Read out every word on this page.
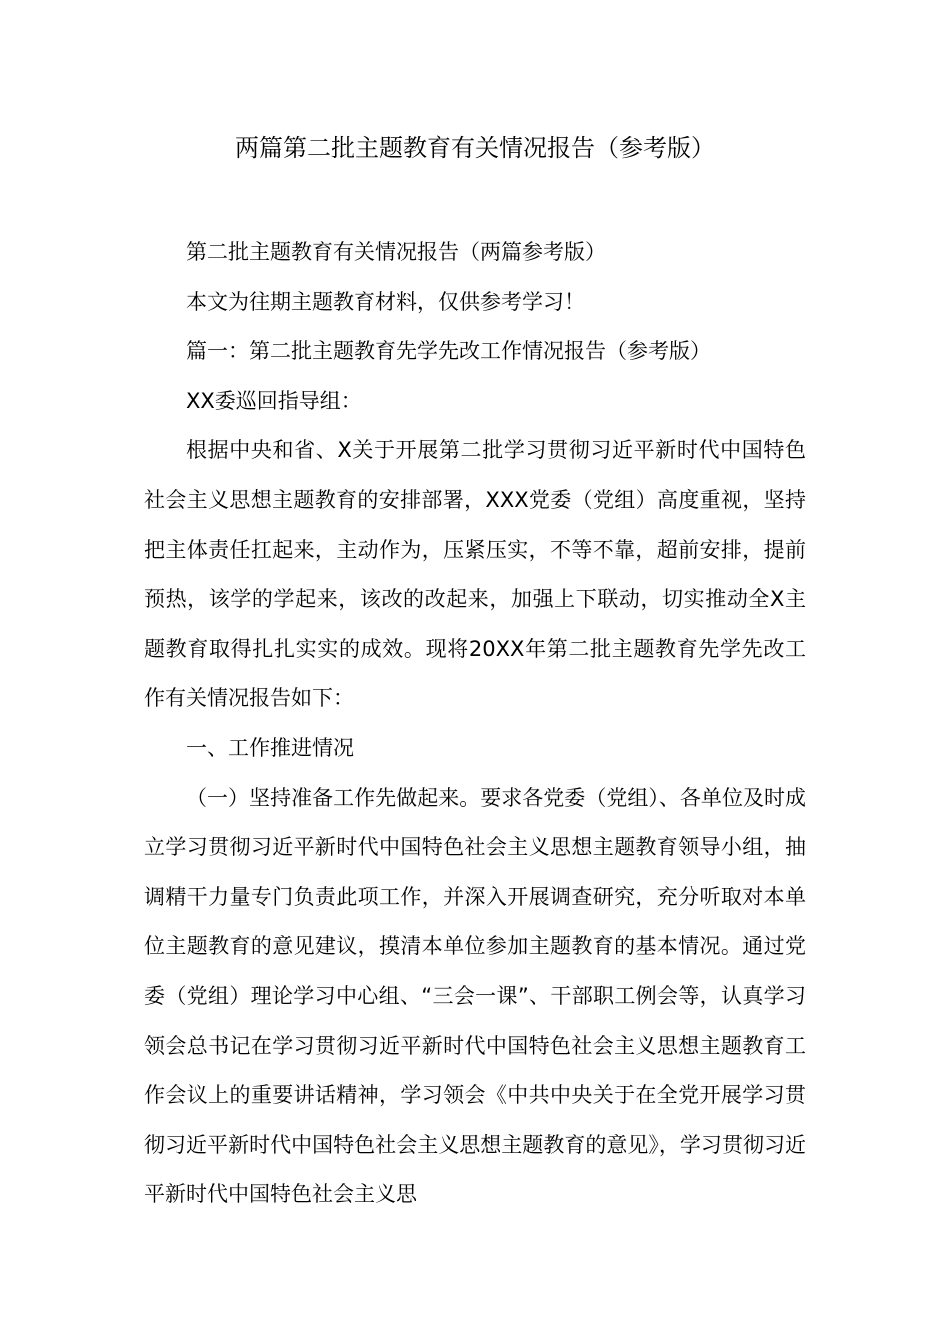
两篇第二批主题教育有关情况报告（参考版）

第二批主题教育有关情况报告（两篇参考版）

本文为往期主题教育材料，仅供参考学习！

篇一：第二批主题教育先学先改工作情况报告（参考版）

XX委巡回指导组：

根据中央和省、X关于开展第二批学习贯彻习近平新时代中国特色社会主义思想主题教育的安排部署，XXX党委（党组）高度重视，坚持把主体责任扛起来，主动作为，压紧压实，不等不靠，超前安排，提前预热，该学的学起来，该改的改起来，加强上下联动，切实推动全X主题教育取得扎扎实实的成效。现将20XX年第二批主题教育先学先改工作有关情况报告如下：

一、工作推进情况

（一）坚持准备工作先做起来。要求各党委（党组）、各单位及时成立学习贯彻习近平新时代中国特色社会主义思想主题教育领导小组，抽调精干力量专门负责此项工作，并深入开展调查研究，充分听取对本单位主题教育的意见建议，摸清本单位参加主题教育的基本情况。通过党委（党组）理论学习中心组、“三会一课”、干部职工例会等，认真学习领会总书记在学习贯彻习近平新时代中国特色社会主义思想主题教育工作会议上的重要讲话精神，学习领会《中共中央关于在全党开展学习贯彻习近平新时代中国特色社会主义思想主题教育的意见》，学习贯彻习近平新时代中国特色社会主义思
